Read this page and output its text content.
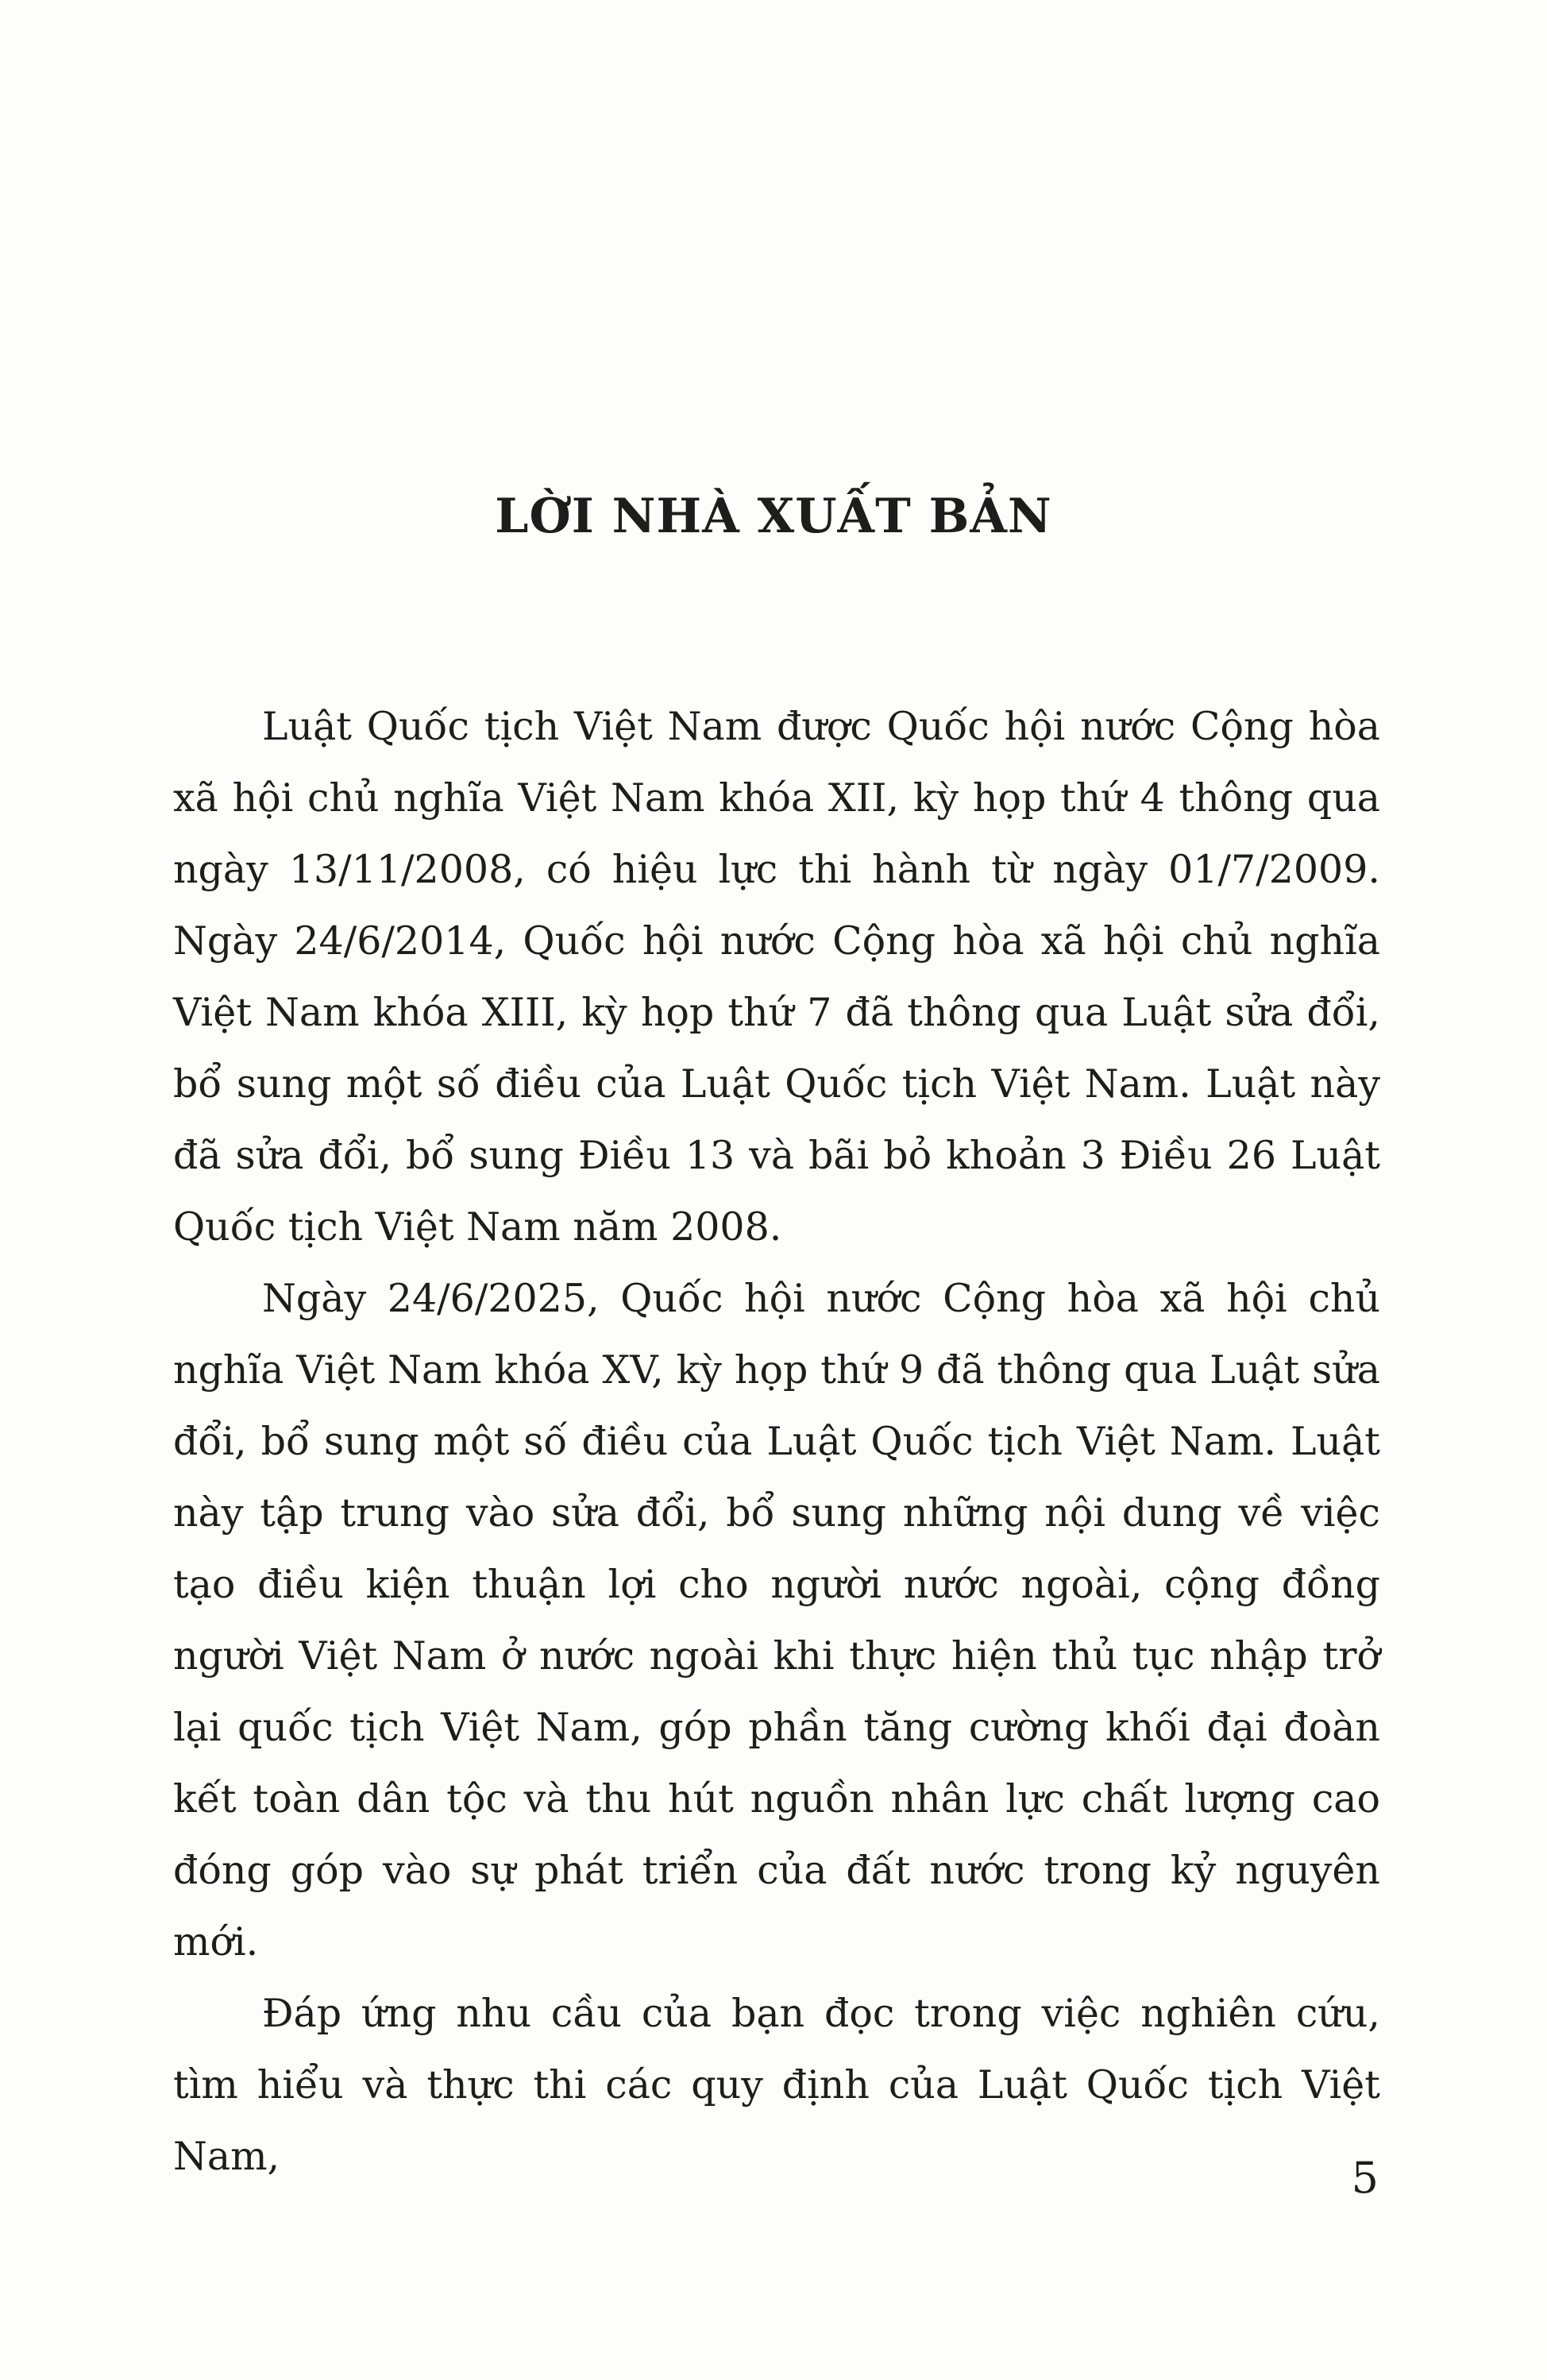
LỜI NHÀ XUẤT BẢN

Luật Quốc tịch Việt Nam được Quốc hội nước Cộng hòa xã hội chủ nghĩa Việt Nam khóa XII, kỳ họp thứ 4 thông qua ngày 13/11/2008, có hiệu lực thi hành từ ngày 01/7/2009. Ngày 24/6/2014, Quốc hội nước Cộng hòa xã hội chủ nghĩa Việt Nam khóa XIII, kỳ họp thứ 7 đã thông qua Luật sửa đổi, bổ sung một số điều của Luật Quốc tịch Việt Nam. Luật này đã sửa đổi, bổ sung Điều 13 và bãi bỏ khoản 3 Điều 26 Luật Quốc tịch Việt Nam năm 2008.

Ngày 24/6/2025, Quốc hội nước Cộng hòa xã hội chủ nghĩa Việt Nam khóa XV, kỳ họp thứ 9 đã thông qua Luật sửa đổi, bổ sung một số điều của Luật Quốc tịch Việt Nam. Luật này tập trung vào sửa đổi, bổ sung những nội dung về việc tạo điều kiện thuận lợi cho người nước ngoài, cộng đồng người Việt Nam ở nước ngoài khi thực hiện thủ tục nhập trở lại quốc tịch Việt Nam, góp phần tăng cường khối đại đoàn kết toàn dân tộc và thu hút nguồn nhân lực chất lượng cao đóng góp vào sự phát triển của đất nước trong kỷ nguyên mới.

Đáp ứng nhu cầu của bạn đọc trong việc nghiên cứu, tìm hiểu và thực thi các quy định của Luật Quốc tịch Việt Nam,	5
